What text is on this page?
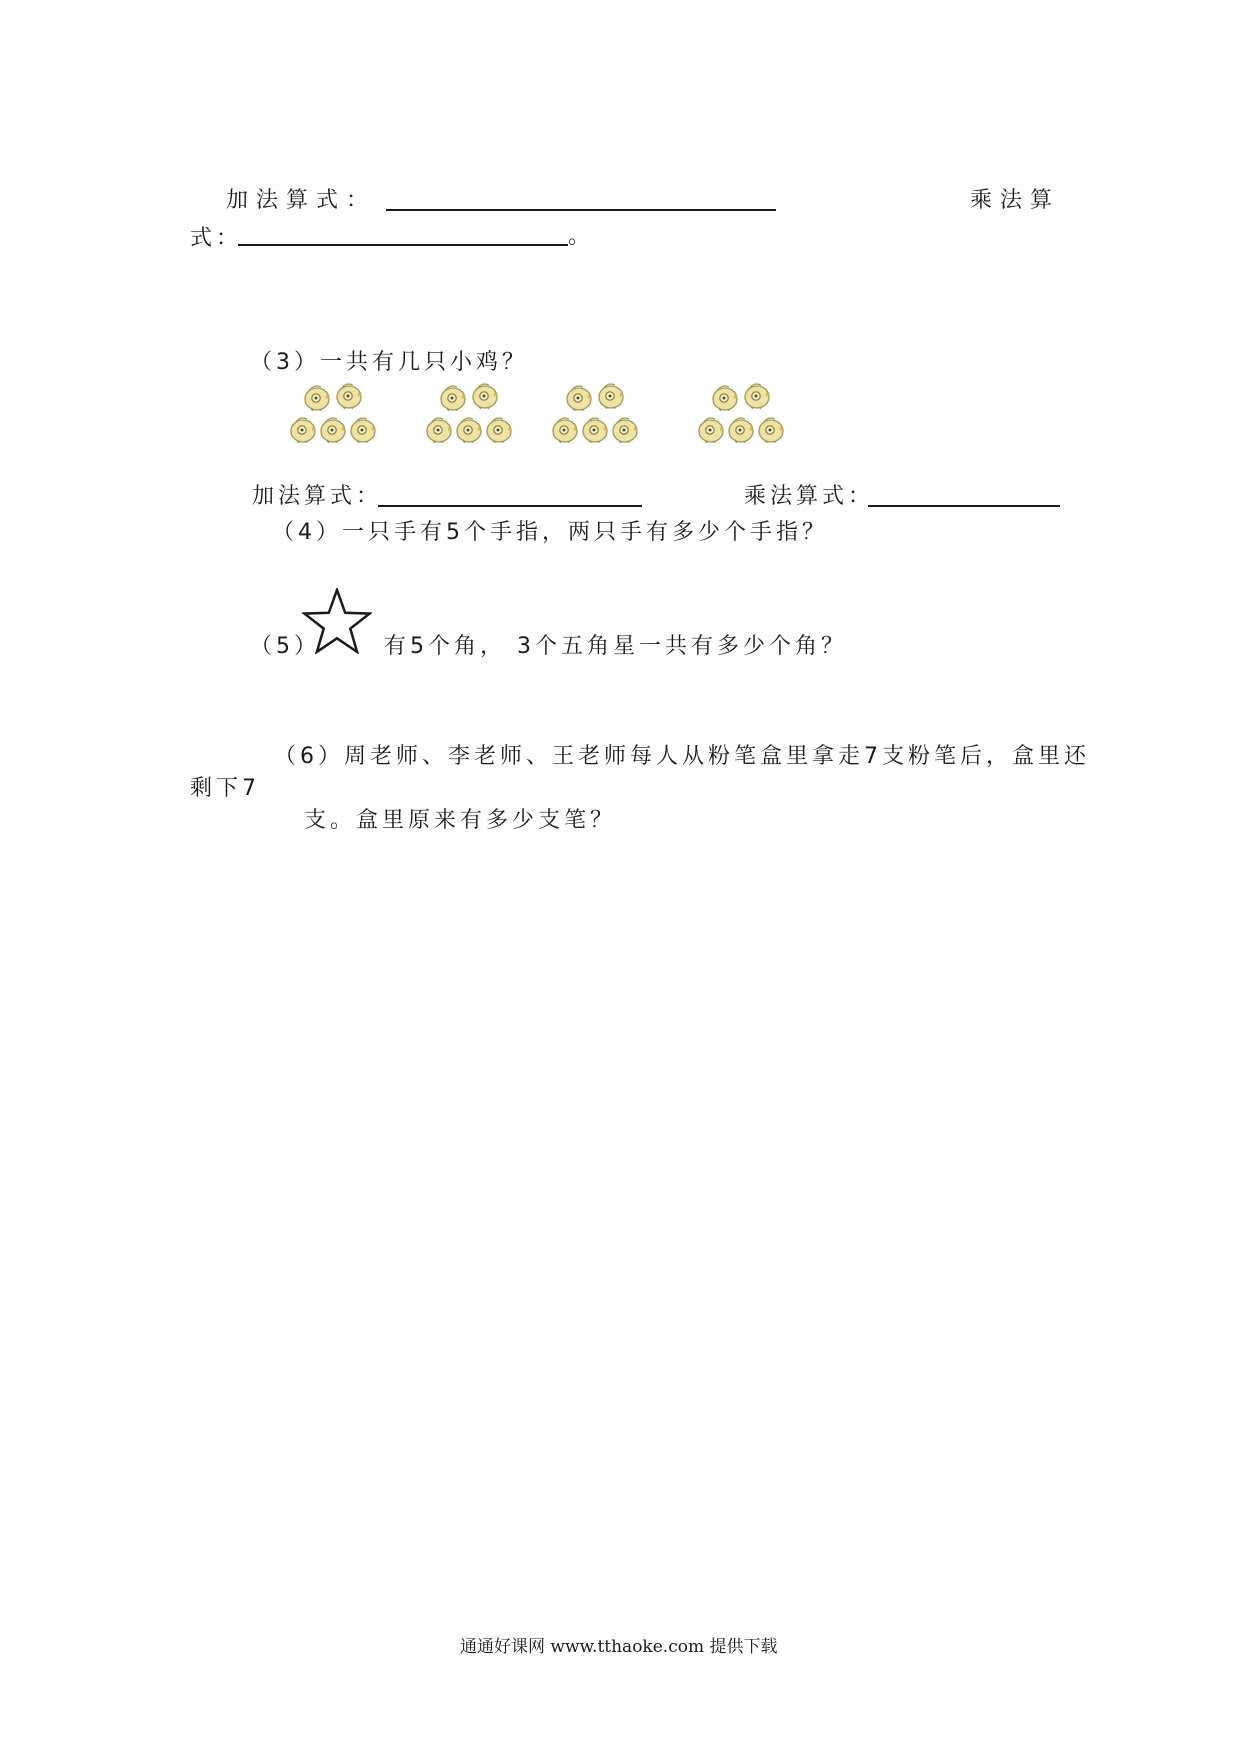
加法算式：	乘法算
式：	。
（3）一共有几只小鸡？
加法算式：	乘法算式：
（4）一只手有5个手指，两只手有多少个手指？
（5）	有5个角， 3个五角星一共有多少个角？
（6）周老师、李老师、王老师每人从粉笔盒里拿走7支粉笔后，盒里还
剩下7
支。盒里原来有多少支笔？
通通好课网 www.tthaoke.com 提供下载
